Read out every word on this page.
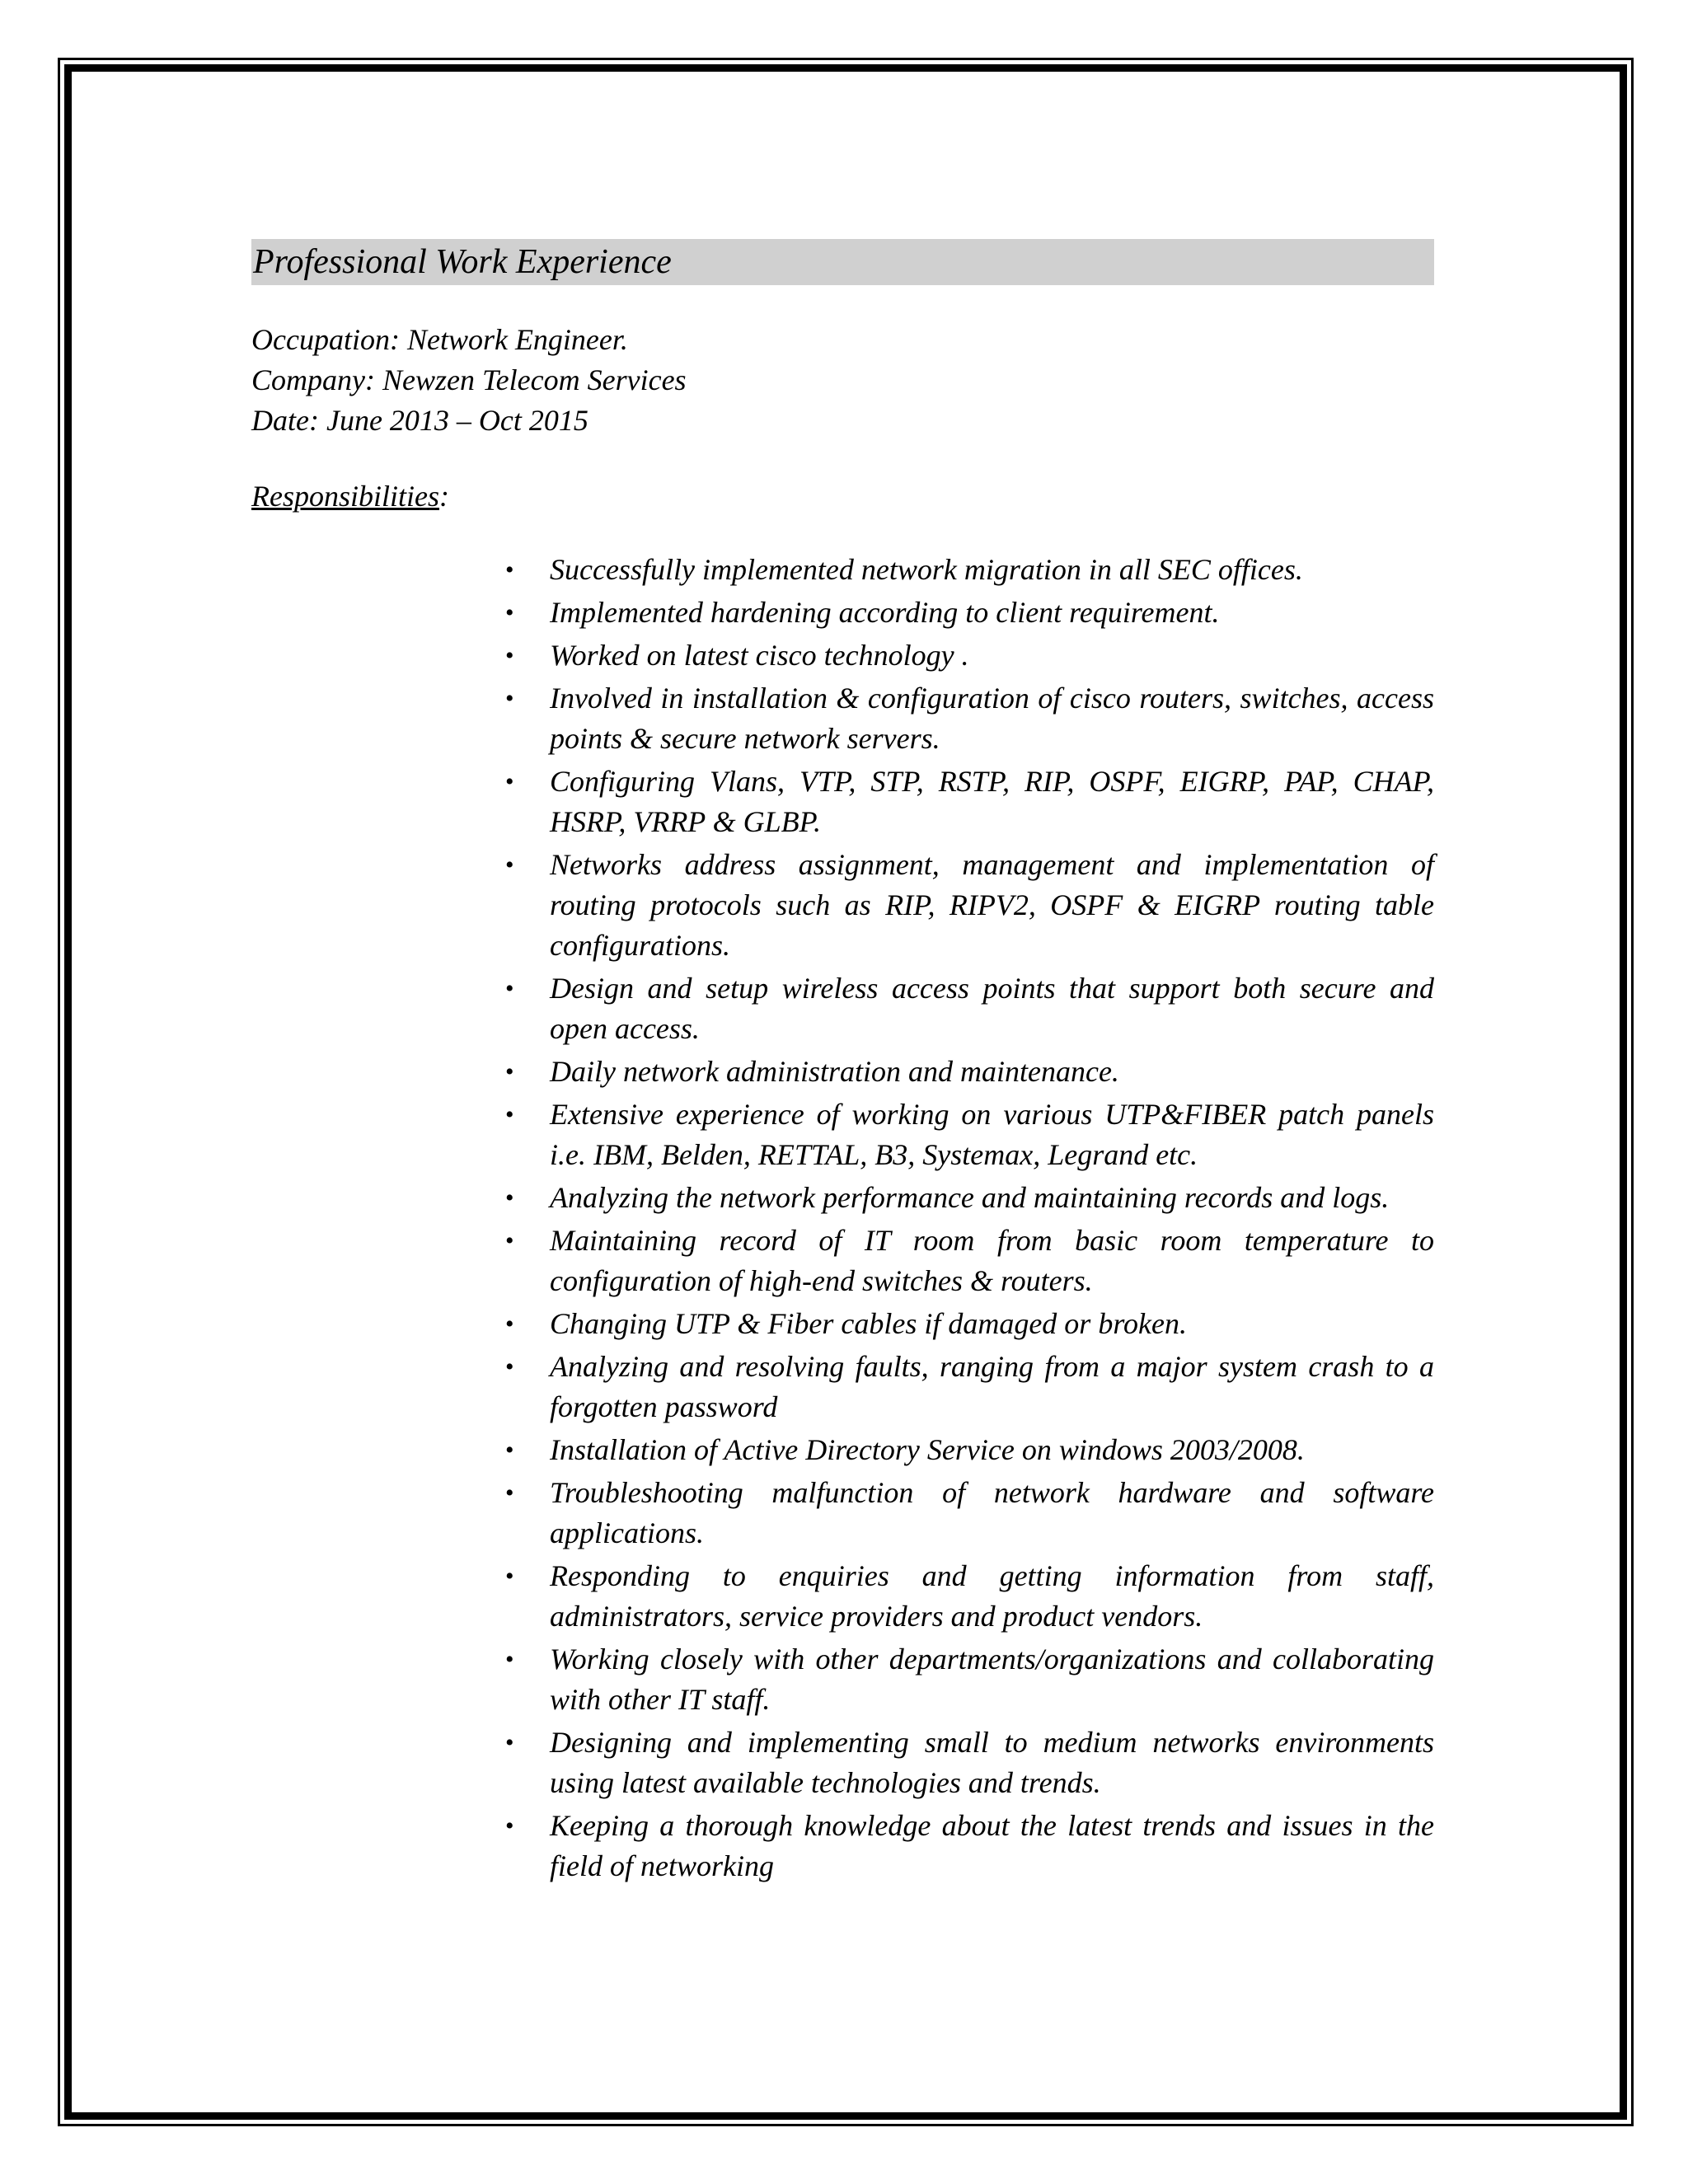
Professional Work Experience
Occupation: Network Engineer.
Company: Newzen Telecom Services
Date: June 2013 – Oct 2015
Responsibilities:
• Successfully implemented network migration in all SEC offices.
• Implemented hardening according to client requirement.
• Worked on latest cisco technology .
• Involved in installation & configuration of cisco routers, switches, access points & secure network servers.
• Configuring Vlans, VTP, STP, RSTP, RIP, OSPF, EIGRP, PAP, CHAP, HSRP, VRRP & GLBP.
• Networks address assignment, management and implementation of routing protocols such as RIP, RIPV2, OSPF & EIGRP routing table configurations.
• Design and setup wireless access points that support both secure and open access.
• Daily network administration and maintenance.
• Extensive experience of working on various UTP&FIBER patch panels i.e. IBM, Belden, RETTAL, B3, Systemax, Legrand etc.
• Analyzing the network performance and maintaining records and logs.
• Maintaining record of IT room from basic room temperature to configuration of high-end switches & routers.
• Changing UTP & Fiber cables if damaged or broken.
• Analyzing and resolving faults, ranging from a major system crash to a forgotten password
• Installation of Active Directory Service on windows 2003/2008.
• Troubleshooting malfunction of network hardware and software applications.
• Responding to enquiries and getting information from staff, administrators, service providers and product vendors.
• Working closely with other departments/organizations and collaborating with other IT staff.
• Designing and implementing small to medium networks environments using latest available technologies and trends.
• Keeping a thorough knowledge about the latest trends and issues in the field of networking
